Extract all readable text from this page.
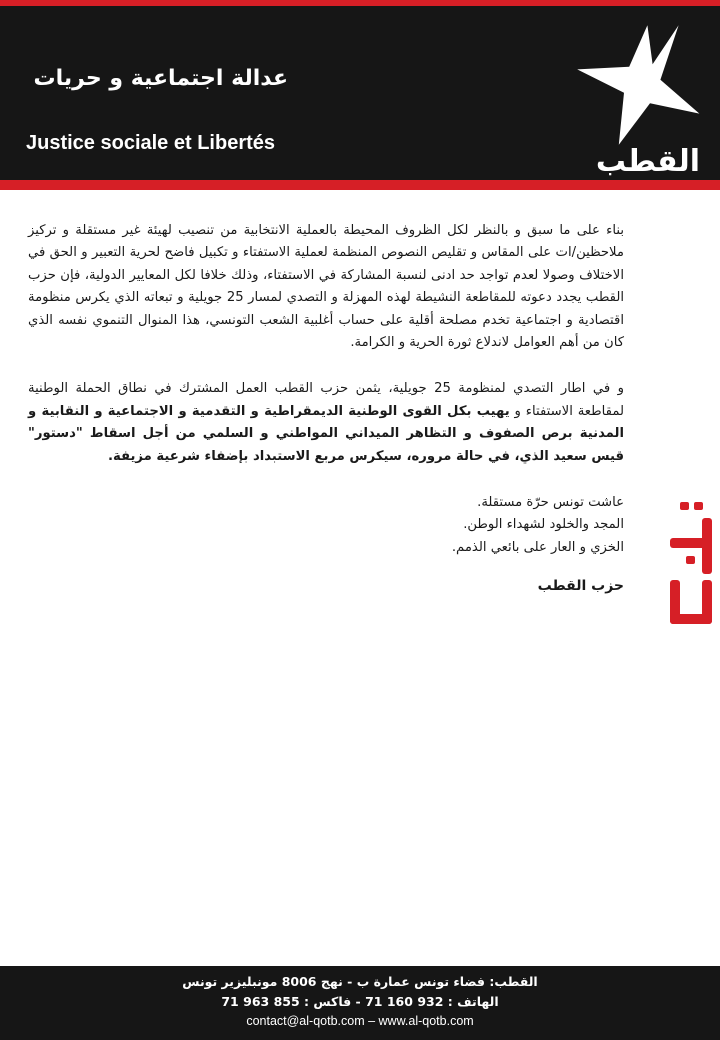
عدالة اجتماعية و حريات
Justice sociale et Libertés
القطب

بناء على ما سبق و بالنظر لكل الظروف المحيطة بالعملية الانتخابية من تنصيب لهيئة غير مستقلة و تركيز ملاحظين/ات على المقاس و تقليص النصوص المنظمة لعملية الاستفتاء و تكبيل فاضح لحرية التعبير و الحق في الاختلاف وصولا لعدم تواجد حد ادنى لنسبة المشاركة في الاستفتاء، وذلك خلافا لكل المعايير الدولية، فإن حزب القطب يجدد دعوته للمقاطعة النشيطة لهذه المهزلة و التصدي لمسار 25 جويلية و تبعاته الذي يكرس منظومة اقتصادية و اجتماعية تخدم مصلحة أقلية على حساب أغلبية الشعب التونسي، هذا المنوال التنموي نفسه الذي كان من أهم العوامل لاندلاع ثورة الحرية و الكرامة.

و في اطار التصدي لمنظومة 25 جويلية، يثمن حزب القطب العمل المشترك في نطاق الحملة الوطنية لمقاطعة الاستفتاء و يهيب بكل القوى الوطنية الديمقراطية و التقدمية و الاجتماعية و النقابية و المدنية برص الصفوف و التظاهر الميداني المواطني و السلمي من أجل اسقاط "دستور" قيس سعيد الذي، في حالة مروره، سيكرس مربع الاستبداد بإضفاء شرعية مزيفة.

عاشت تونس حرّة مستقلة.
المجد والخلود لشهداء الوطن.
الخزي و العار على بائعي الذمم.
حزب القطب
القطب: فضاء تونس عمارة ب - نهج 8006 مونبليزير تونس
الهاتف : 932 160 71 - فاكس : 855 963 71
contact@al-qotb.com – www.al-qotb.com
